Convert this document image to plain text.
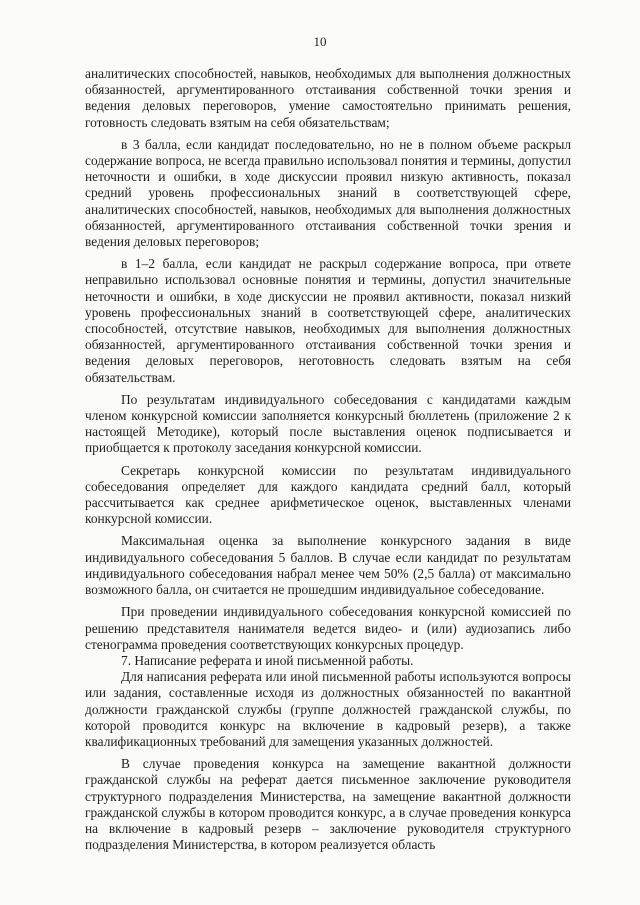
10

аналитических способностей, навыков, необходимых для выполнения должностных обязанностей, аргументированного отстаивания собственной точки зрения и ведения деловых переговоров, умение самостоятельно принимать решения, готовность следовать взятым на себя обязательствам;

в 3 балла, если кандидат последовательно, но не в полном объеме раскрыл содержание вопроса, не всегда правильно использовал понятия и термины, допустил неточности и ошибки, в ходе дискуссии проявил низкую активность, показал средний уровень профессиональных знаний в соответствующей сфере, аналитических способностей, навыков, необходимых для выполнения должностных обязанностей, аргументированного отстаивания собственной точки зрения и ведения деловых переговоров;

в 1–2 балла, если кандидат не раскрыл содержание вопроса, при ответе неправильно использовал основные понятия и термины, допустил значительные неточности и ошибки, в ходе дискуссии не проявил активности, показал низкий уровень профессиональных знаний в соответствующей сфере, аналитических способностей, отсутствие навыков, необходимых для выполнения должностных обязанностей, аргументированного отстаивания собственной точки зрения и ведения деловых переговоров, неготовность следовать взятым на себя обязательствам.

По результатам индивидуального собеседования с кандидатами каждым членом конкурсной комиссии заполняется конкурсный бюллетень (приложение 2 к настоящей Методике), который после выставления оценок подписывается и приобщается к протоколу заседания конкурсной комиссии.

Секретарь конкурсной комиссии по результатам индивидуального собеседования определяет для каждого кандидата средний балл, который рассчитывается как среднее арифметическое оценок, выставленных членами конкурсной комиссии.

Максимальная оценка за выполнение конкурсного задания в виде индивидуального собеседования 5 баллов. В случае если кандидат по результатам индивидуального собеседования набрал менее чем 50% (2,5 балла) от максимально возможного балла, он считается не прошедшим индивидуальное собеседование.

При проведении индивидуального собеседования конкурсной комиссией по решению представителя нанимателя ведется видео- и (или) аудиозапись либо стенограмма проведения соответствующих конкурсных процедур.

7. Написание реферата и иной письменной работы.

Для написания реферата или иной письменной работы используются вопросы или задания, составленные исходя из должностных обязанностей по вакантной должности гражданской службы (группе должностей гражданской службы, по которой проводится конкурс на включение в кадровый резерв), а также квалификационных требований для замещения указанных должностей.

В случае проведения конкурса на замещение вакантной должности гражданской службы на реферат дается письменное заключение руководителя структурного подразделения Министерства, на замещение вакантной должности гражданской службы в котором проводится конкурс, а в случае проведения конкурса на включение в кадровый резерв – заключение руководителя структурного подразделения Министерства, в котором реализуется область
